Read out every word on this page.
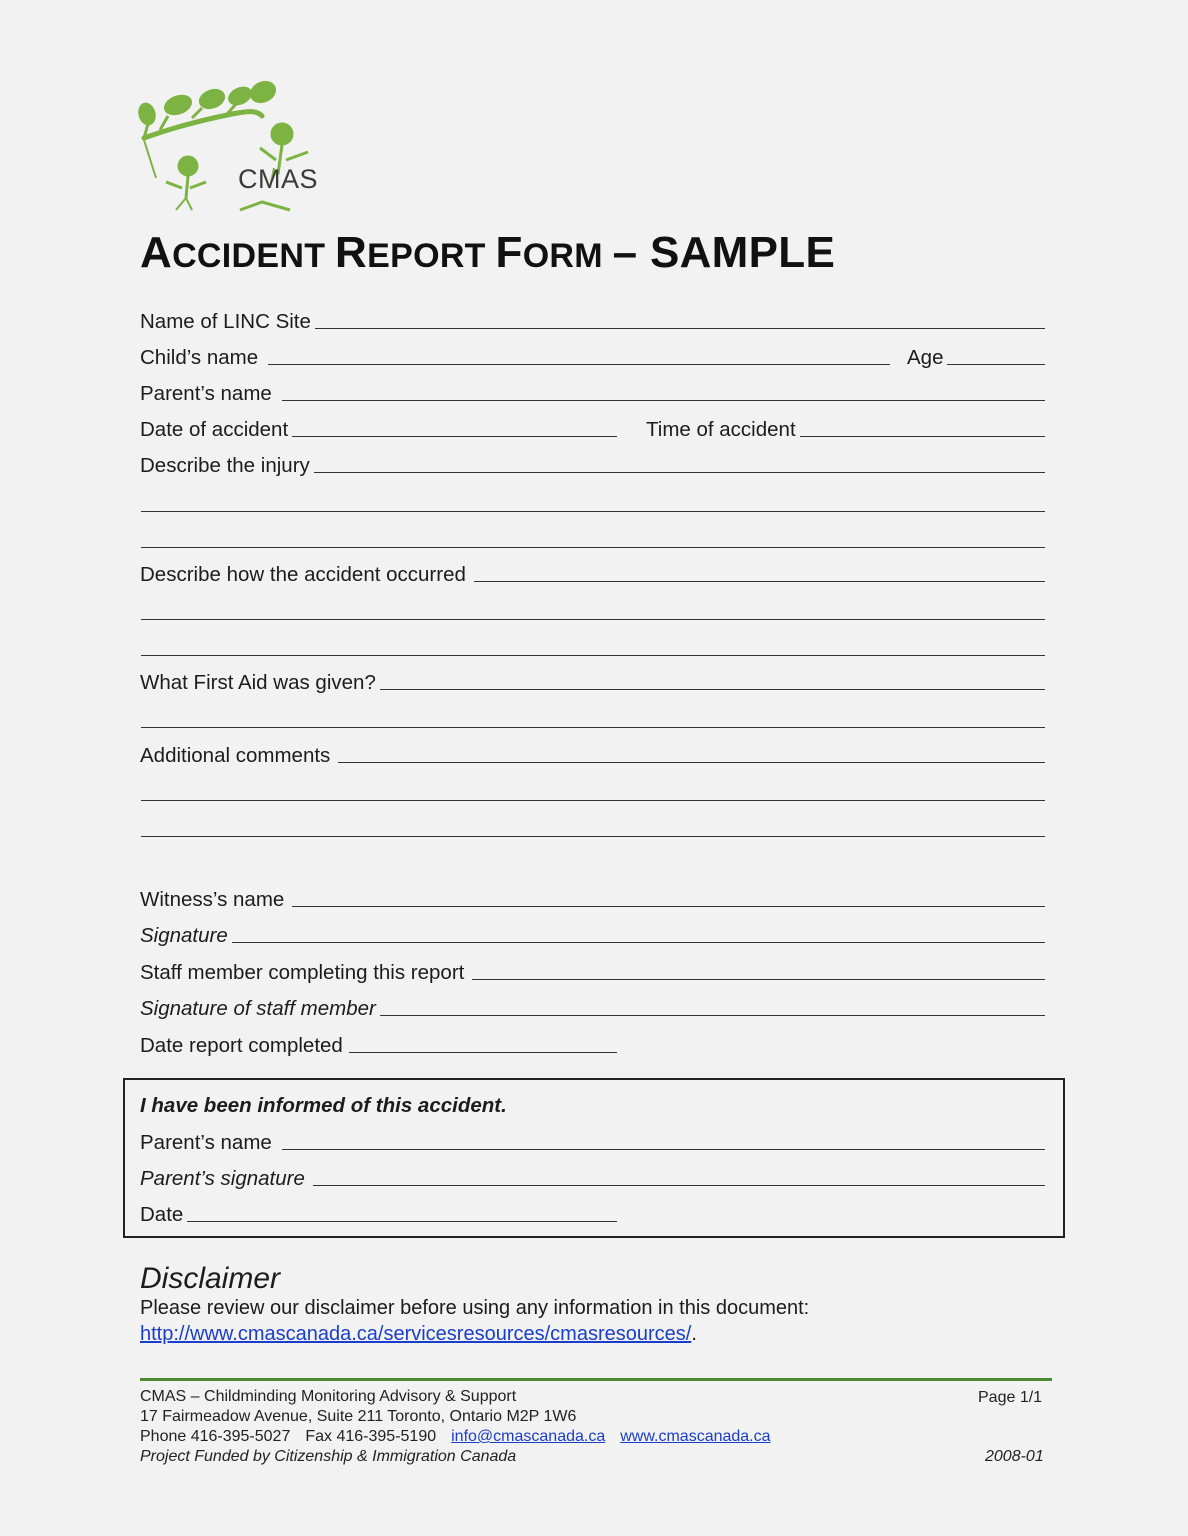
CMAS
ACCIDENT REPORT FORM – SAMPLE
Name of LINC Site
Child’s name	Age
Parent’s name
Date of accident	Time of accident
Describe the injury
Describe how the accident occurred
What First Aid was given?
Additional comments
Witness’s name
Signature
Staff member completing this report
Signature of staff member
Date report completed
I have been informed of this accident.
Parent’s name
Parent’s signature
Date
Disclaimer
Please review our disclaimer before using any information in this document:
http://www.cmascanada.ca/servicesresources/cmasresources/.
CMAS – Childminding Monitoring Advisory & Support
17 Fairmeadow Avenue, Suite 211 Toronto, Ontario M2P 1W6
Phone 416-395-5027 Fax 416-395-5190 info@cmascanada.ca www.cmascanada.ca
Project Funded by Citizenship & Immigration Canada
Page 1/1
2008-01
